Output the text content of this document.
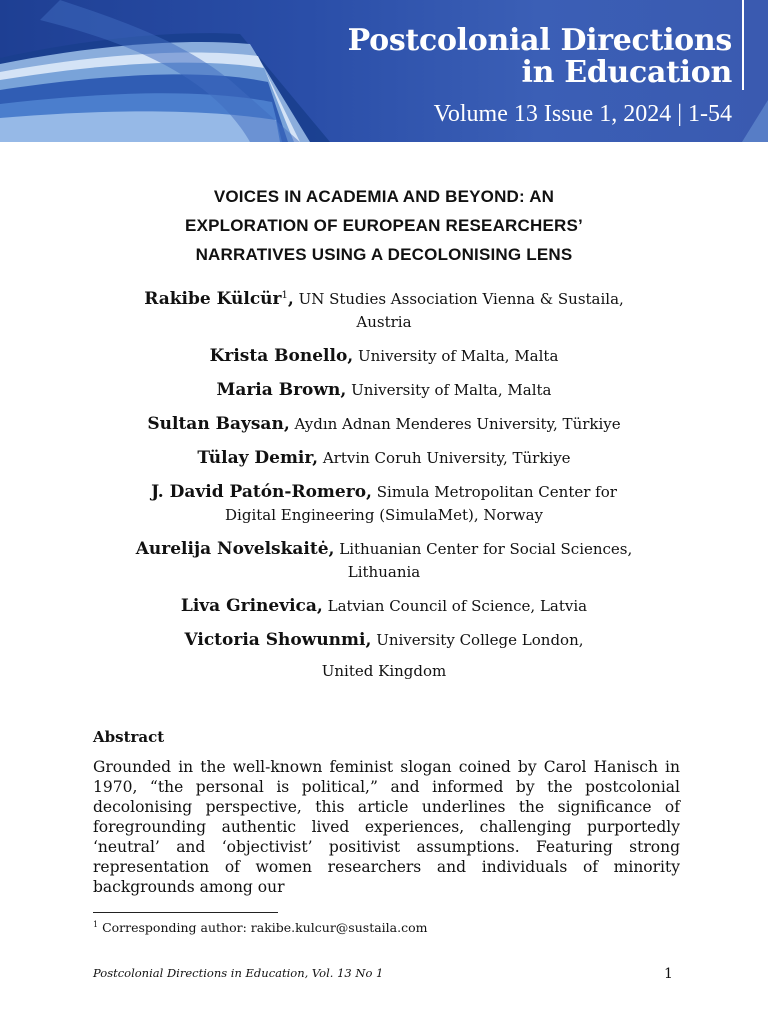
Postcolonial Directions
in Education
Volume 13 Issue 1, 2024 | 1-54
VOICES IN ACADEMIA AND BEYOND: AN
EXPLORATION OF EUROPEAN RESEARCHERS’
NARRATIVES USING A DECOLONISING LENS
Rakibe Külcür$^1$, UN Studies Association Vienna & Sustaila,
Austria
Krista Bonello, University of Malta, Malta
Maria Brown, University of Malta, Malta
Sultan Baysan, Aydın Adnan Menderes University, Türkiye
Tülay Demir, Artvin Coruh University, Türkiye
J. David Patón-Romero, Simula Metropolitan Center for
Digital Engineering (SimulaMet), Norway
Aurelija Novelskaitė, Lithuanian Center for Social Sciences,
Lithuania
Liva Grinevica, Latvian Council of Science, Latvia
Victoria Showunmi, University College London,
United Kingdom
Abstract
Grounded in the well-known feminist slogan coined by Carol Hanisch in 1970, “the personal is political,” and informed by the postcolonial decolonising perspective, this article underlines the significance of foregrounding authentic lived experiences, challenging purportedly ‘neutral’ and ‘objectivist’ positivist assumptions. Featuring strong representation of women researchers and individuals of minority backgrounds among our
$^1$ Corresponding author: rakibe.kulcur@sustaila.com
Postcolonial Directions in Education, Vol. 13 No 1	1
